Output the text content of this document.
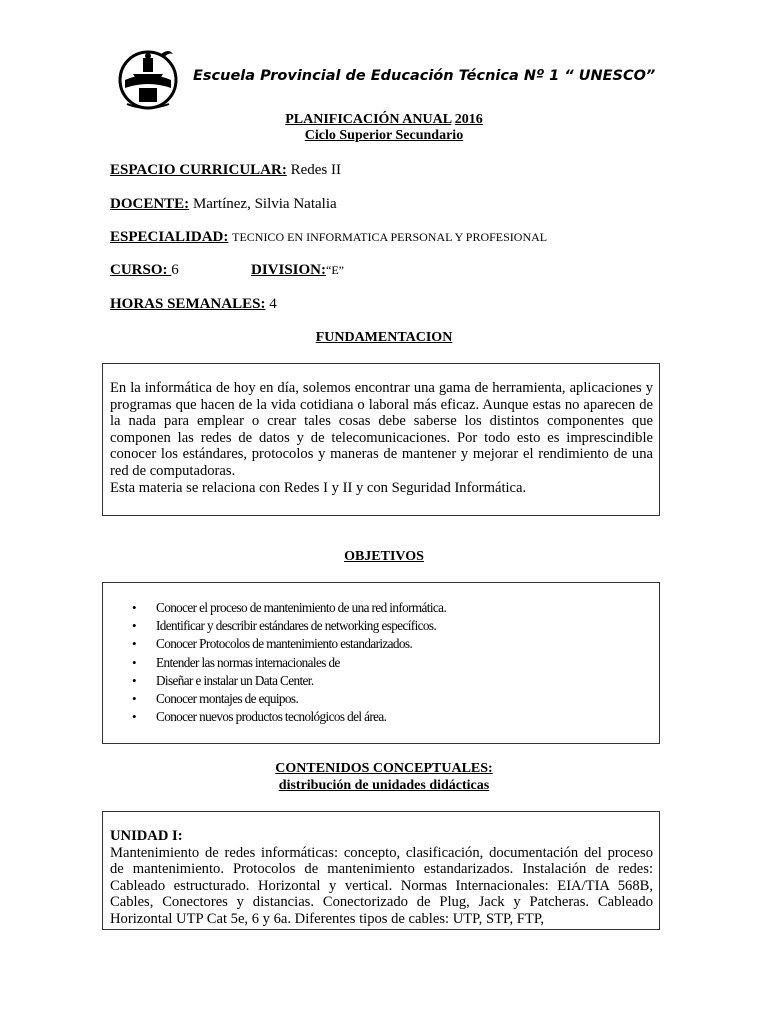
Escuela Provincial de Educación Técnica Nº 1 “ UNESCO”
PLANIFICACIÓN ANUAL 2016
Ciclo Superior Secundario
ESPACIO CURRICULAR: Redes II
DOCENTE: Martínez, Silvia Natalia
ESPECIALIDAD: TECNICO EN INFORMATICA PERSONAL Y PROFESIONAL
CURSO: 6	DIVISION:“E”
HORAS SEMANALES: 4
FUNDAMENTACION
En la informática de hoy en día, solemos encontrar una gama de herramienta, aplicaciones y programas que hacen de la vida cotidiana o laboral más eficaz. Aunque estas no aparecen de la nada para emplear o crear tales cosas debe saberse los distintos componentes que componen las redes de datos y de telecomunicaciones. Por todo esto es imprescindible conocer los estándares, protocolos y maneras de mantener y mejorar el rendimiento de una red de computadoras.
Esta materia se relaciona con Redes I y II y con Seguridad Informática.
OBJETIVOS
• Conocer el proceso de mantenimiento de una red informática.
• Identificar y describir estándares de networking específicos.
• Conocer Protocolos de mantenimiento estandarizados.
• Entender las normas internacionales de
• Diseñar e instalar un Data Center.
• Conocer montajes de equipos.
• Conocer nuevos productos tecnológicos del área.
CONTENIDOS CONCEPTUALES:
distribución de unidades didácticas
UNIDAD I:
Mantenimiento de redes informáticas: concepto, clasificación, documentación del proceso de mantenimiento. Protocolos de mantenimiento estandarizados. Instalación de redes: Cableado estructurado. Horizontal y vertical. Normas Internacionales: EIA/TIA 568B, Cables, Conectores y distancias. Conectorizado de Plug, Jack y Patcheras. Cableado Horizontal UTP Cat 5e, 6 y 6a. Diferentes tipos de cables: UTP, STP, FTP,
